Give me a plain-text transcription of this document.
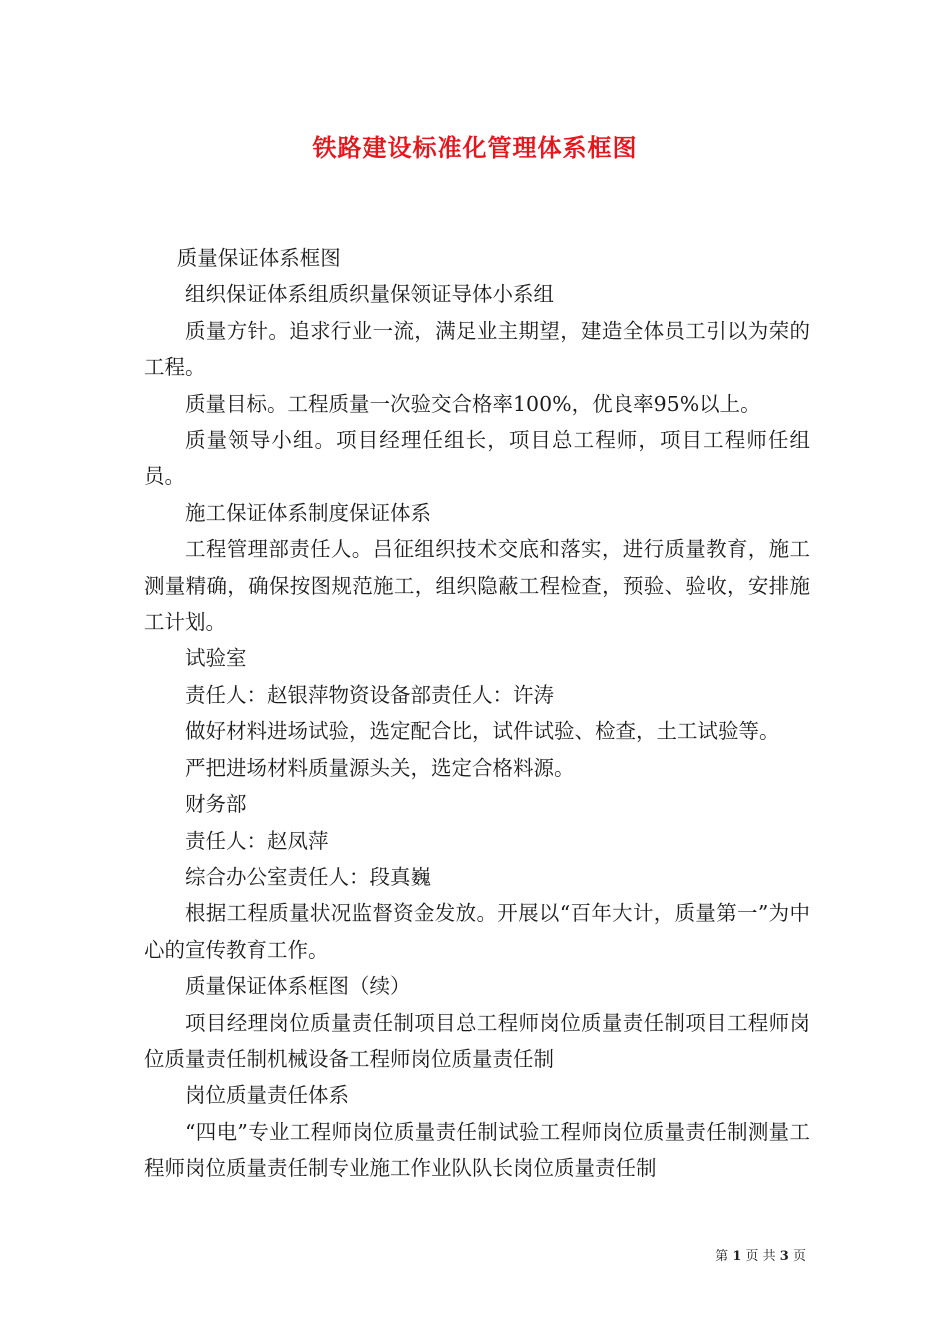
铁路建设标准化管理体系框图

质量保证体系框图

组织保证体系组质织量保领证导体小系组

质量方针。追求行业一流，满足业主期望，建造全体员工引以为荣的工程。

质量目标。工程质量一次验交合格率100%，优良率95%以上。

质量领导小组。项目经理任组长，项目总工程师，项目工程师任组员。

施工保证体系制度保证体系

工程管理部责任人。吕征组织技术交底和落实，进行质量教育，施工测量精确，确保按图规范施工，组织隐蔽工程检查，预验、验收，安排施工计划。

试验室

责任人：赵银萍物资设备部责任人：许涛

做好材料进场试验，选定配合比，试件试验、检查，土工试验等。

严把进场材料质量源头关，选定合格料源。

财务部

责任人：赵凤萍

综合办公室责任人：段真巍

根据工程质量状况监督资金发放。开展以“百年大计，质量第一”为中心的宣传教育工作。

质量保证体系框图（续）

项目经理岗位质量责任制项目总工程师岗位质量责任制项目工程师岗位质量责任制机械设备工程师岗位质量责任制

岗位质量责任体系

“四电”专业工程师岗位质量责任制试验工程师岗位质量责任制测量工程师岗位质量责任制专业施工作业队队长岗位质量责任制

第 1 页 共 3 页
